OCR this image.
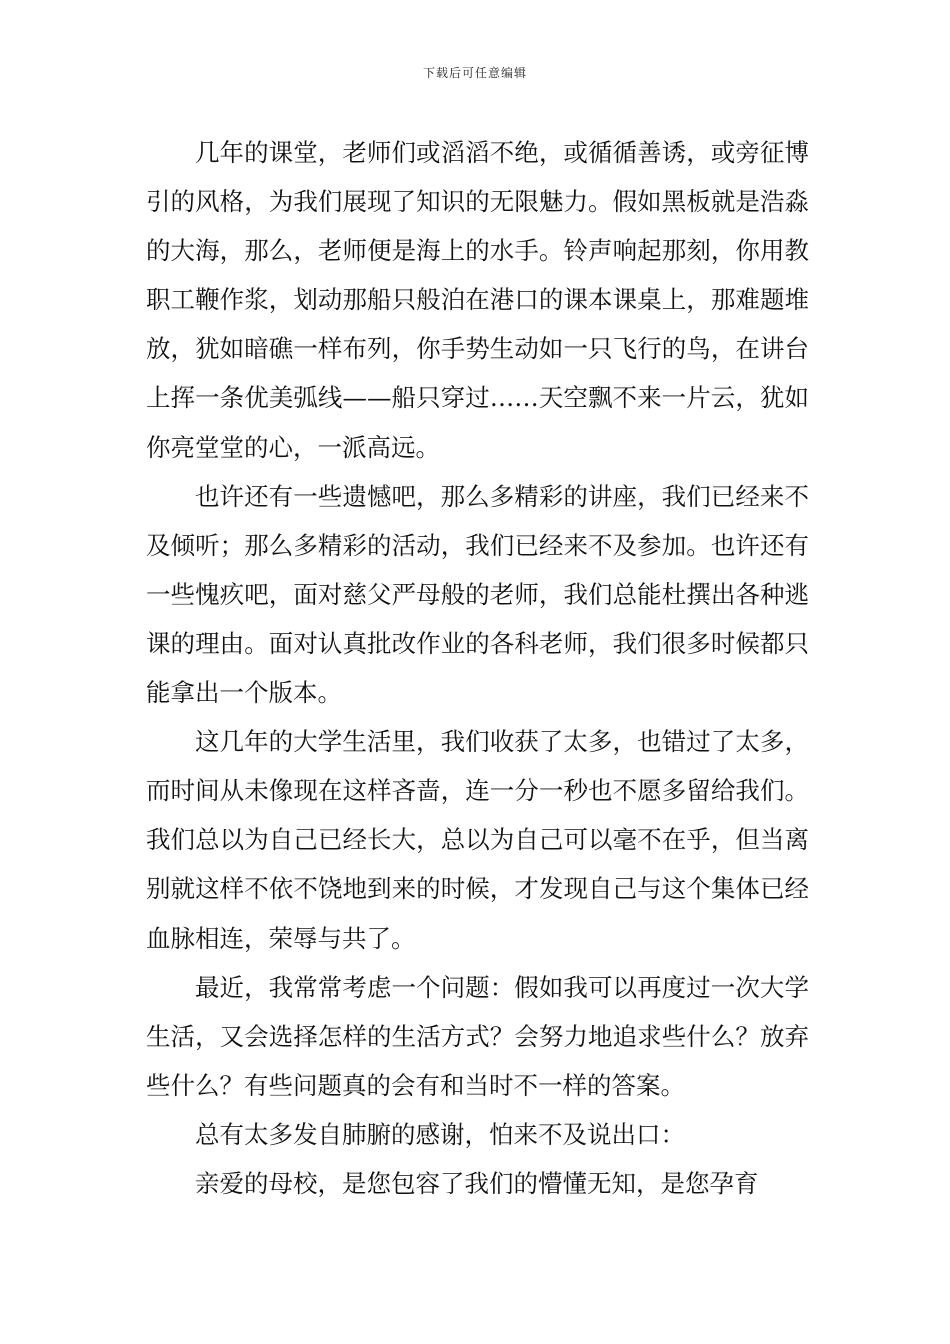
下载后可任意编辑

几年的课堂，老师们或滔滔不绝，或循循善诱，或旁征博引的风格，为我们展现了知识的无限魅力。假如黑板就是浩淼的大海，那么，老师便是海上的水手。铃声响起那刻，你用教职工鞭作浆，划动那船只般泊在港口的课本课桌上，那难题堆放，犹如暗礁一样布列，你手势生动如一只飞行的鸟，在讲台上挥一条优美弧线——船只穿过……天空飘不来一片云，犹如你亮堂堂的心，一派高远。

也许还有一些遗憾吧，那么多精彩的讲座，我们已经来不及倾听；那么多精彩的活动，我们已经来不及参加。也许还有一些愧疚吧，面对慈父严母般的老师，我们总能杜撰出各种逃课的理由。面对认真批改作业的各科老师，我们很多时候都只能拿出一个版本。

这几年的大学生活里，我们收获了太多，也错过了太多，而时间从未像现在这样吝啬，连一分一秒也不愿多留给我们。我们总以为自己已经长大，总以为自己可以毫不在乎，但当离别就这样不依不饶地到来的时候，才发现自己与这个集体已经血脉相连，荣辱与共了。

最近，我常常考虑一个问题：假如我可以再度过一次大学生活，又会选择怎样的生活方式？会努力地追求些什么？放弃些什么？有些问题真的会有和当时不一样的答案。

总有太多发自肺腑的感谢，怕来不及说出口：

亲爱的母校，是您包容了我们的懵懂无知，是您孕育
